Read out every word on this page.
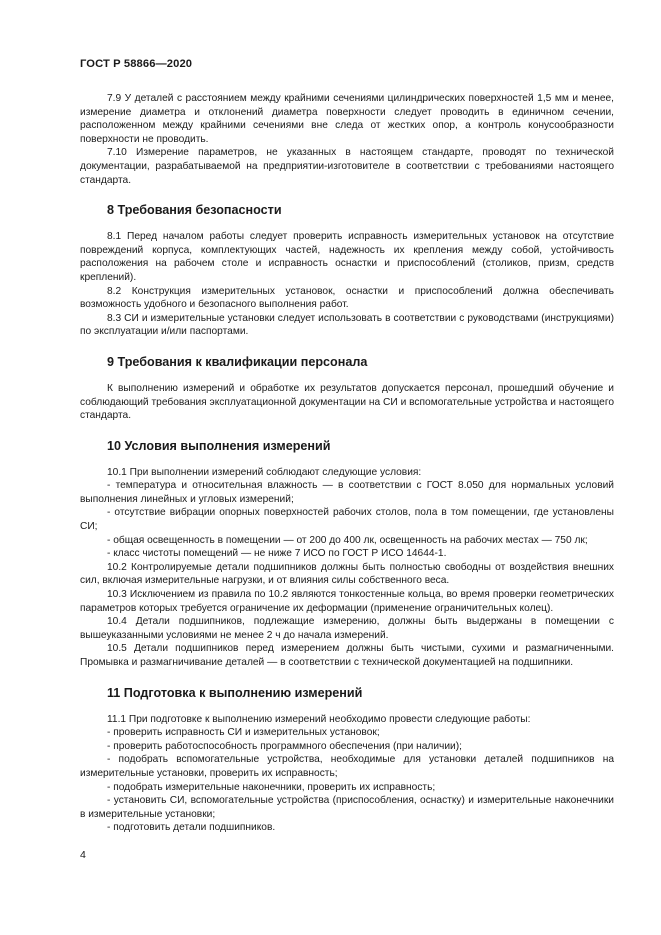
ГОСТ Р 58866—2020

7.9 У деталей с расстоянием между крайними сечениями цилиндрических поверхностей 1,5 мм и менее, измерение диаметра и отклонений диаметра поверхности следует проводить в единичном сечении, расположенном между крайними сечениями вне следа от жестких опор, а контроль конусообразности поверхности не проводить.

7.10 Измерение параметров, не указанных в настоящем стандарте, проводят по технической документации, разрабатываемой на предприятии-изготовителе в соответствии с требованиями настоящего стандарта.

8 Требования безопасности

8.1 Перед началом работы следует проверить исправность измерительных установок на отсутствие повреждений корпуса, комплектующих частей, надежность их крепления между собой, устойчивость расположения на рабочем столе и исправность оснастки и приспособлений (столиков, призм, средств креплений).

8.2 Конструкция измерительных установок, оснастки и приспособлений должна обеспечивать возможность удобного и безопасного выполнения работ.

8.3 СИ и измерительные установки следует использовать в соответствии с руководствами (инструкциями) по эксплуатации и/или паспортами.

9 Требования к квалификации персонала

К выполнению измерений и обработке их результатов допускается персонал, прошедший обучение и соблюдающий требования эксплуатационной документации на СИ и вспомогательные устройства и настоящего стандарта.

10 Условия выполнения измерений

10.1 При выполнении измерений соблюдают следующие условия:

- температура и относительная влажность — в соответствии с ГОСТ 8.050 для нормальных условий выполнения линейных и угловых измерений;

- отсутствие вибрации опорных поверхностей рабочих столов, пола в том помещении, где установлены СИ;

- общая освещенность в помещении — от 200 до 400 лк, освещенность на рабочих местах — 750 лк;

- класс чистоты помещений — не ниже 7 ИСО по ГОСТ Р ИСО 14644-1.

10.2 Контролируемые детали подшипников должны быть полностью свободны от воздействия внешних сил, включая измерительные нагрузки, и от влияния силы собственного веса.

10.3 Исключением из правила по 10.2 являются тонкостенные кольца, во время проверки геометрических параметров которых требуется ограничение их деформации (применение ограничительных колец).

10.4 Детали подшипников, подлежащие измерению, должны быть выдержаны в помещении с вышеуказанными условиями не менее 2 ч до начала измерений.

10.5 Детали подшипников перед измерением должны быть чистыми, сухими и размагниченными. Промывка и размагничивание деталей — в соответствии с технической документацией на подшипники.

11 Подготовка к выполнению измерений

11.1 При подготовке к выполнению измерений необходимо провести следующие работы:

- проверить исправность СИ и измерительных установок;

- проверить работоспособность программного обеспечения (при наличии);

- подобрать вспомогательные устройства, необходимые для установки деталей подшипников на измерительные установки, проверить их исправность;

- подобрать измерительные наконечники, проверить их исправность;

- установить СИ, вспомогательные устройства (приспособления, оснастку) и измерительные наконечники в измерительные установки;

- подготовить детали подшипников.

4
